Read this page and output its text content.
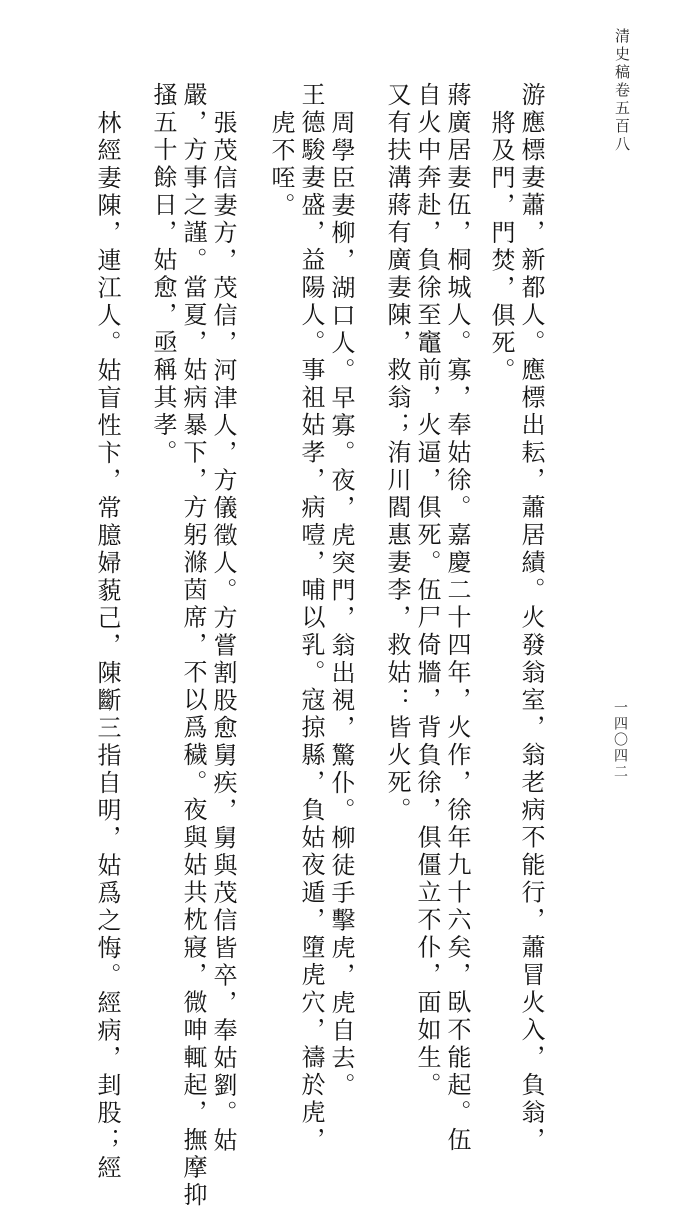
清史稿卷五百八
一四〇四二
游應標妻蕭，新都人。應標出耘，蕭居績。火發翁室，翁老病不能行，蕭冒火入，負翁，
將及門，門焚，俱死。
蔣廣居妻伍，桐城人。寡，奉姑徐。嘉慶二十四年，火作，徐年九十六矣，臥不能起。伍
自火中奔赴，負徐至竈前，火逼，俱死。伍尸倚牆，背負徐，俱僵立不仆，面如生。
又有扶溝蔣有廣妻陳，救翁；洧川閻惠妻李，救姑：皆火死。
周學臣妻柳，湖口人。早寡。夜，虎突門，翁出視，驚仆。柳徒手擊虎，虎自去。
王德駿妻盛，益陽人。事祖姑孝，病噎，哺以乳。寇掠縣，負姑夜遁，墮虎穴，禱於虎，
虎不咥。
張茂信妻方，茂信，河津人，方儀徵人。方嘗割股愈舅疾，舅與茂信皆卒，奉姑劉。姑
嚴，方事之謹。當夏，姑病暴下，方躬滌茵席，不以爲穢。夜與姑共枕寢，微呻輒起，撫摩抑
搔五十餘日，姑愈，亟稱其孝。
林經妻陳，連江人。姑盲性卞，常臆婦藐己，陳斷三指自明，姑爲之悔。經病，刲股；經
